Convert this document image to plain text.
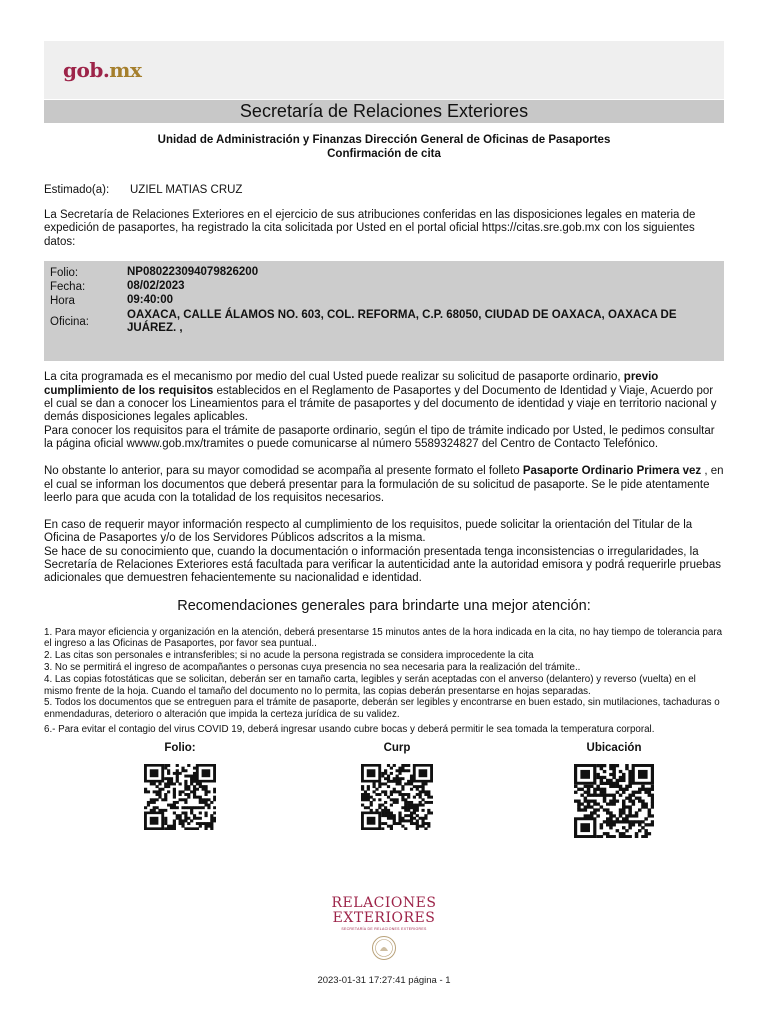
gob.mx
Secretaría de Relaciones Exteriores
Unidad de Administración y Finanzas Dirección General de Oficinas de Pasaportes
Confirmación de cita
Estimado(a): UZIEL MATIAS CRUZ

La Secretaría de Relaciones Exteriores en el ejercicio de sus atribuciones conferidas en las disposiciones legales en materia de expedición de pasaportes, ha registrado la cita solicitada por Usted en el portal oficial https://citas.sre.gob.mx con los siguientes datos:

Folio:	NP080223094079826200
Fecha:	08/02/2023
Hora	09:40:00
Oficina:
OAXACA, CALLE ÁLAMOS NO. 603, COL. REFORMA, C.P. 68050, CIUDAD DE OAXACA, OAXACA DE JUÁREZ. ,

La cita programada es el mecanismo por medio del cual Usted puede realizar su solicitud de pasaporte ordinario, previo cumplimiento de los requisitos establecidos en el Reglamento de Pasaportes y del Documento de Identidad y Viaje, Acuerdo por el cual se dan a conocer los Lineamientos para el trámite de pasaportes y del documento de identidad y viaje en territorio nacional y demás disposiciones legales aplicables.

Para conocer los requisitos para el trámite de pasaporte ordinario, según el tipo de trámite indicado por Usted, le pedimos consultar la página oficial wwww.gob.mx/tramites o puede comunicarse al número 5589324827 del Centro de Contacto Telefónico.

No obstante lo anterior, para su mayor comodidad se acompaña al presente formato el folleto Pasaporte Ordinario Primera vez , en el cual se informan los documentos que deberá presentar para la formulación de su solicitud de pasaporte. Se le pide atentamente leerlo para que acuda con la totalidad de los requisitos necesarios.

En caso de requerir mayor información respecto al cumplimiento de los requisitos, puede solicitar la orientación del Titular de la Oficina de Pasaportes y/o de los Servidores Públicos adscritos a la misma.

Se hace de su conocimiento que, cuando la documentación o información presentada tenga inconsistencias o irregularidades, la Secretaría de Relaciones Exteriores está facultada para verificar la autenticidad ante la autoridad emisora y podrá requerirle pruebas adicionales que demuestren fehacientemente su nacionalidad e identidad.

Recomendaciones generales para brindarte una mejor atención:
1. Para mayor eficiencia y organización en la atención, deberá presentarse 15 minutos antes de la hora indicada en la cita, no hay tiempo de tolerancia para el ingreso a las Oficinas de Pasaportes, por favor sea puntual..
2. Las citas son personales e intransferibles; si no acude la persona registrada se considera improcedente la cita
3. No se permitirá el ingreso de acompañantes o personas cuya presencia no sea necesaria para la realización del trámite..
4. Las copias fotostáticas que se solicitan, deberán ser en tamaño carta, legibles y serán aceptadas con el anverso (delantero) y reverso (vuelta) en el mismo frente de la hoja. Cuando el tamaño del documento no lo permita, las copias deberán presentarse en hojas separadas.
5. Todos los documentos que se entreguen para el trámite de pasaporte, deberán ser legibles y encontrarse en buen estado, sin mutilaciones, tachaduras o enmendaduras, deterioro o alteración que impida la certeza jurídica de su validez.
6.- Para evitar el contagio del virus COVID 19, deberá ingresar usando cubre bocas y deberá permitir le sea tomada la temperatura corporal.
Folio:	Curp	Ubicación
RELACIONES
EXTERIORES
SECRETARÍA DE RELACIONES EXTERIORES
2023-01-31 17:27:41 página - 1
